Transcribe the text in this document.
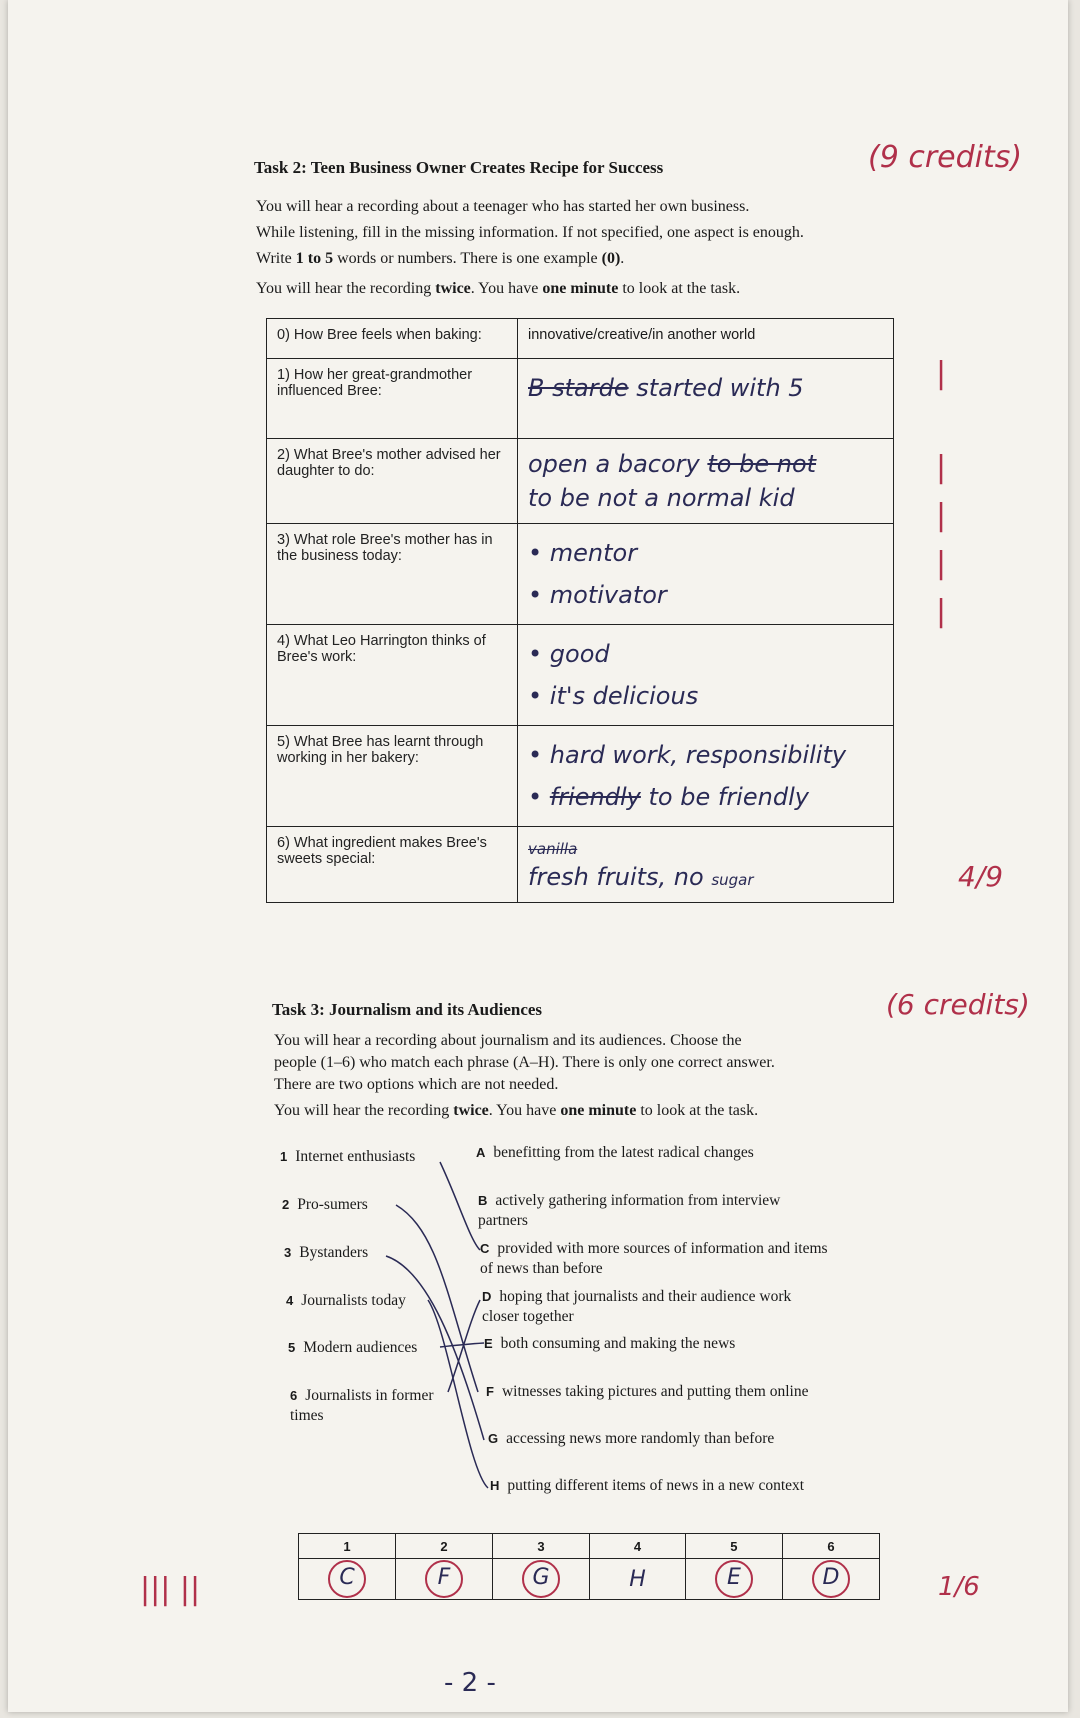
Task 2: Teen Business Owner Creates Recipe for Success	(9 credits)
You will hear a recording about a teenager who has started her own business.
While listening, fill in the missing information. If not specified, one aspect is enough.
Write 1 to 5 words or numbers. There is one example (0).
You will hear the recording twice. You have one minute to look at the task.
0) How Bree feels when baking:	innovative/creative/in another world
1) How her great-grandmother influenced Bree:	B starde started with 5
2) What Bree's mother advised her daughter to do:	open a bacory to be not
to be not a normal kid
3) What role Bree's mother has in the business today:	• mentor
• motivator

4) What Leo Harrington thinks of Bree's work:	• good
• it's delicious

5) What Bree has learnt through working in her bakery:	• hard work, responsibility
• friendly to be friendly

6) What ingredient makes Bree's sweets special:	vanilla
fresh fruits, no sugar
|
|
|
|
|
4/9
Task 3: Journalism and its Audiences	(6 credits)
You will hear a recording about journalism and its audiences. Choose the
people (1–6) who match each phrase (A–H). There is only one correct answer.
There are two options which are not needed.
You will hear the recording twice. You have one minute to look at the task.
1 Internet enthusiasts
2 Pro-sumers
3 Bystanders
4 Journalists today
5 Modern audiences
6 Journalists in former times
A benefitting from the latest radical changes
B actively gathering information from interview partners
C provided with more sources of information and items of news than before
D hoping that journalists and their audience work closer together
E both consuming and making the news
F witnesses taking pictures and putting them online
G accessing news more randomly than before
H putting different items of news in a new context
1	2	3	4	5	6
C	F	G	H	E	D
||| ||	1/6
- 2 -
